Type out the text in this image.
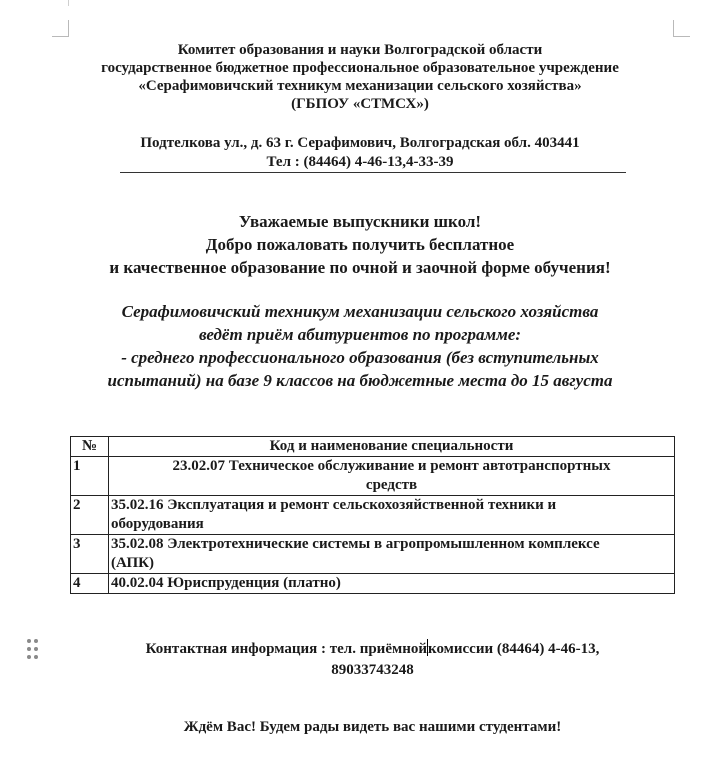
Комитет образования и науки Волгоградской области
государственное бюджетное профессиональное образовательное учреждение
«Серафимовичский техникум механизации сельского хозяйства»
(ГБПОУ «СТМСХ»)
Подтелкова ул., д. 63 г. Серафимович, Волгоградская обл. 403441
Тел : (84464) 4-46-13,4-33-39
Уважаемые выпускники школ!
Добро пожаловать получить бесплатное
и качественное образование по очной и заочной форме обучения!
Серафимовичский техникум механизации сельского хозяйства
ведёт приём абитуриентов по программе:
- среднего профессионального образования (без вступительных
испытаний) на базе 9 классов на бюджетные места до 15 августа
№	Код и наименование специальности
1	23.02.07 Техническое обслуживание и ремонт автотранспортных
средств

2	35.02.16 Эксплуатация и ремонт сельскохозяйственной техники и
оборудования

3	35.02.08 Электротехнические системы в агропромышленном комплексе
(АПК)

4	40.02.04 Юриспруденция (платно)
Контактная информация : тел. приёмнойкомиссии (84464) 4-46-13,
89033743248
Ждём Вас! Будем рады видеть вас нашими студентами!
